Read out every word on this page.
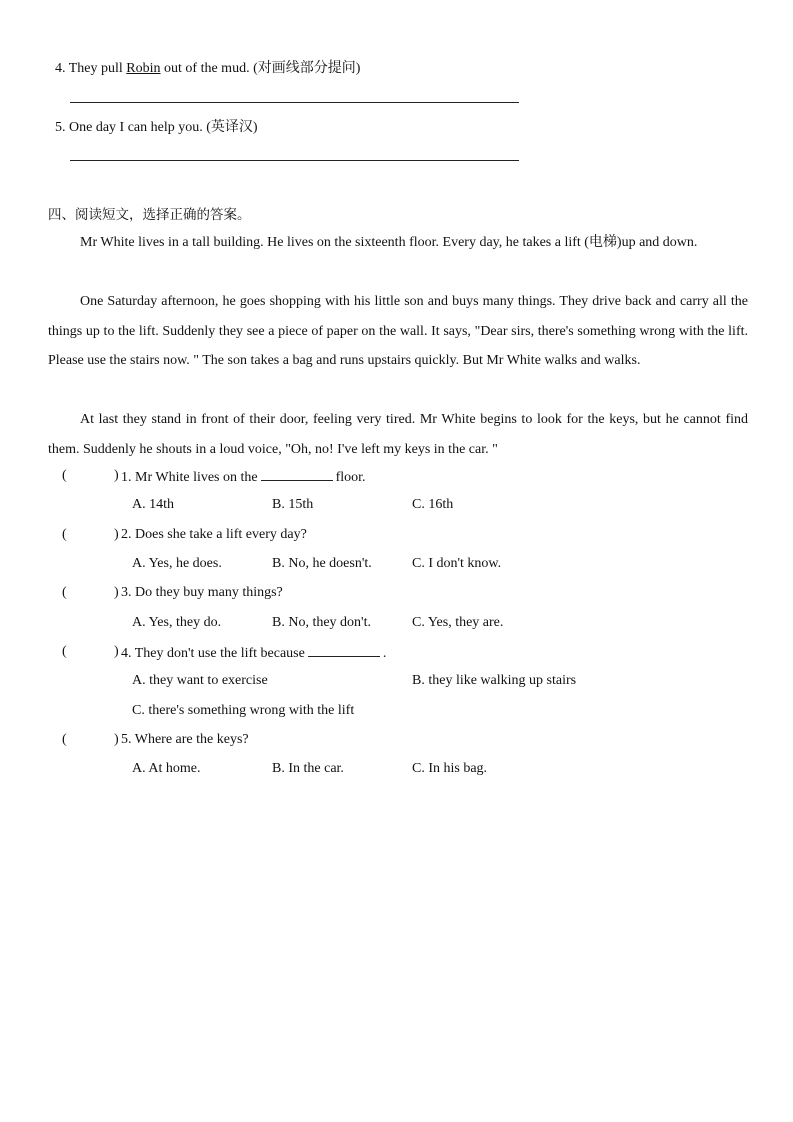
4. They pull Robin out of the mud. (对画线部分提问)
5. One day I can help you. (英译汉)
四、阅读短文，选择正确的答案。

Mr White lives in a tall building. He lives on the sixteenth floor. Every day, he takes a lift (电梯)up and down.

One Saturday afternoon, he goes shopping with his little son and buys many things. They drive back and carry all the things up to the lift. Suddenly they see a piece of paper on the wall. It says, "Dear sirs, there's something wrong with the lift. Please use the stairs now. " The son takes a bag and runs upstairs quickly. But Mr White walks and walks.

At last they stand in front of their door, feeling very tired. Mr White begins to look for the keys, but he cannot find them. Suddenly he shouts in a loud voice, "Oh, no! I've left my keys in the car. "

(	) 1. Mr White lives on the	floor.
A. 14th	B. 15th	C. 16th
(	) 2. Does she take a lift every day?
A. Yes, he does.	B. No, he doesn't.	C. I don't know.
(	) 3. Do they buy many things?
A. Yes, they do.	B. No, they don't.	C. Yes, they are.
(	) 4. They don't use the lift because	.
A. they want to exercise	B. they like walking up stairs
C. there's something wrong with the lift
(	) 5. Where are the keys?
A. At home.	B. In the car.	C. In his bag.
